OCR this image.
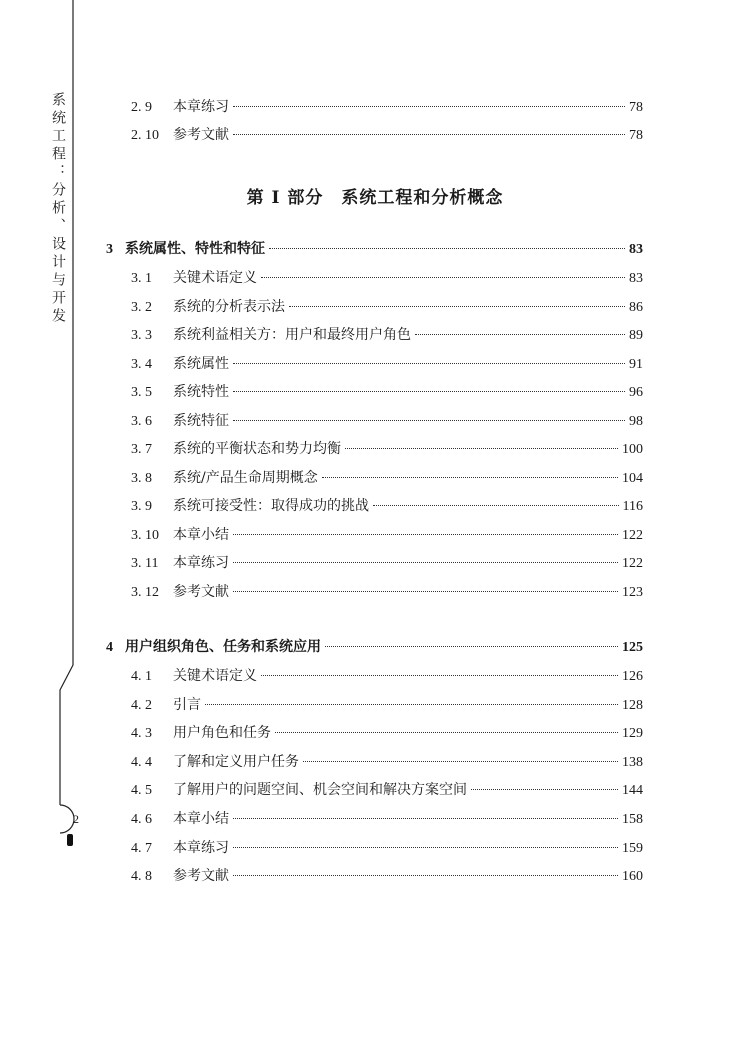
系统工程：分析、设计与开发
2
2. 9	本章练习	78
2. 10	参考文献	78
第 I 部分 系统工程和分析概念
3 系统属性、特性和特征	83
3. 1	关键术语定义	83
3. 2	系统的分析表示法	86
3. 3	系统利益相关方：用户和最终用户角色	89
3. 4	系统属性	91
3. 5	系统特性	96
3. 6	系统特征	98
3. 7	系统的平衡状态和势力均衡	100
3. 8	系统/产品生命周期概念	104
3. 9	系统可接受性：取得成功的挑战	116
3. 10	本章小结	122
3. 11	本章练习	122
3. 12	参考文献	123
4 用户组织角色、任务和系统应用	125
4. 1	关键术语定义	126
4. 2	引言	128
4. 3	用户角色和任务	129
4. 4	了解和定义用户任务	138
4. 5	了解用户的问题空间、机会空间和解决方案空间	144
4. 6	本章小结	158
4. 7	本章练习	159
4. 8	参考文献	160
